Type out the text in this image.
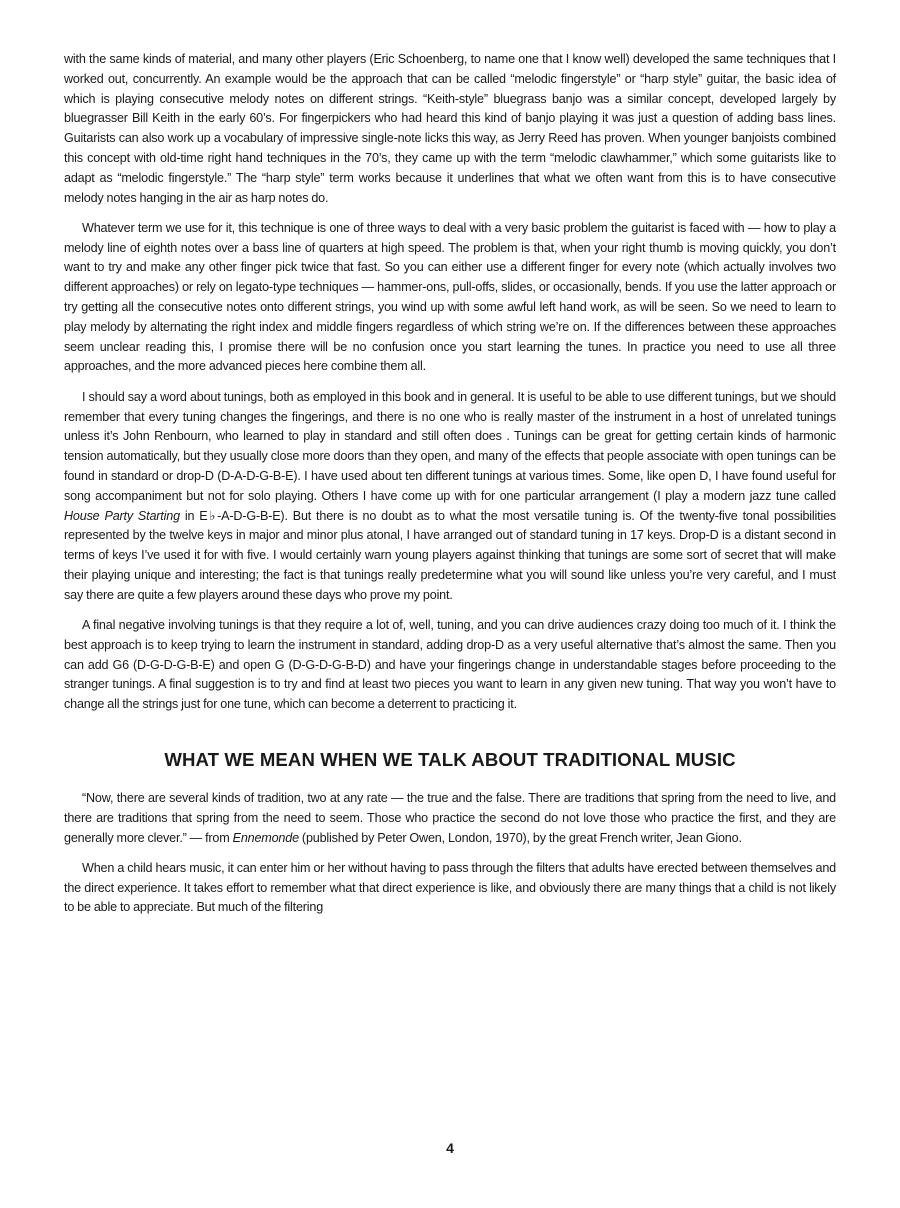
with the same kinds of material, and many other players (Eric Schoenberg, to name one that I know well) developed the same techniques that I worked out, concurrently. An example would be the approach that can be called “melodic fingerstyle” or “harp style” guitar, the basic idea of which is playing consecutive melody notes on different strings. “Keith-style” bluegrass banjo was a similar concept, developed largely by bluegrasser Bill Keith in the early 60’s. For fingerpickers who had heard this kind of banjo playing it was just a question of adding bass lines. Guitarists can also work up a vocabulary of impressive single-note licks this way, as Jerry Reed has proven. When younger banjoists combined this concept with old-time right hand techniques in the 70’s, they came up with the term “melodic clawhammer,” which some guitarists like to adapt as “melodic fingerstyle.” The “harp style” term works because it underlines that what we often want from this is to have consecutive melody notes hanging in the air as harp notes do.

Whatever term we use for it, this technique is one of three ways to deal with a very basic problem the guitarist is faced with — how to play a melody line of eighth notes over a bass line of quarters at high speed. The problem is that, when your right thumb is moving quickly, you don’t want to try and make any other finger pick twice that fast. So you can either use a different finger for every note (which actually involves two different approaches) or rely on legato-type techniques — hammer-ons, pull-offs, slides, or occasionally, bends. If you use the latter approach or try getting all the consecutive notes onto different strings, you wind up with some awful left hand work, as will be seen. So we need to learn to play melody by alternating the right index and middle fingers regardless of which string we’re on. If the differences between these approaches seem unclear reading this, I promise there will be no confusion once you start learning the tunes. In practice you need to use all three approaches, and the more advanced pieces here combine them all.

I should say a word about tunings, both as employed in this book and in general. It is useful to be able to use different tunings, but we should remember that every tuning changes the fingerings, and there is no one who is really master of the instrument in a host of unrelated tunings unless it’s John Renbourn, who learned to play in standard and still often does . Tunings can be great for getting certain kinds of harmonic tension automatically, but they usually close more doors than they open, and many of the effects that people associate with open tunings can be found in standard or drop-D (D-A-D-G-B-E). I have used about ten different tunings at various times. Some, like open D, I have found useful for song accompaniment but not for solo playing. Others I have come up with for one particular arrangement (I play a modern jazz tune called House Party Starting in E♭-A-D-G-B-E). But there is no doubt as to what the most versatile tuning is. Of the twenty-five tonal possibilities represented by the twelve keys in major and minor plus atonal, I have arranged out of standard tuning in 17 keys. Drop-D is a distant second in terms of keys I’ve used it for with five. I would certainly warn young players against thinking that tunings are some sort of secret that will make their playing unique and interesting; the fact is that tunings really predetermine what you will sound like unless you’re very careful, and I must say there are quite a few players around these days who prove my point.

A final negative involving tunings is that they require a lot of, well, tuning, and you can drive audiences crazy doing too much of it. I think the best approach is to keep trying to learn the instrument in standard, adding drop-D as a very useful alternative that’s almost the same. Then you can add G6 (D-G-D-G-B-E) and open G (D-G-D-G-B-D) and have your fingerings change in understandable stages before proceeding to the stranger tunings. A final suggestion is to try and find at least two pieces you want to learn in any given new tuning. That way you won’t have to change all the strings just for one tune, which can become a deterrent to practicing it.

WHAT WE MEAN WHEN WE TALK ABOUT TRADITIONAL MUSIC

“Now, there are several kinds of tradition, two at any rate — the true and the false. There are traditions that spring from the need to live, and there are traditions that spring from the need to seem. Those who practice the second do not love those who practice the first, and they are generally more clever.” — from Ennemonde (published by Peter Owen, London, 1970), by the great French writer, Jean Giono.

When a child hears music, it can enter him or her without having to pass through the filters that adults have erected between themselves and the direct experience. It takes effort to remember what that direct experience is like, and obviously there are many things that a child is not likely to be able to appreciate. But much of the filtering

4
